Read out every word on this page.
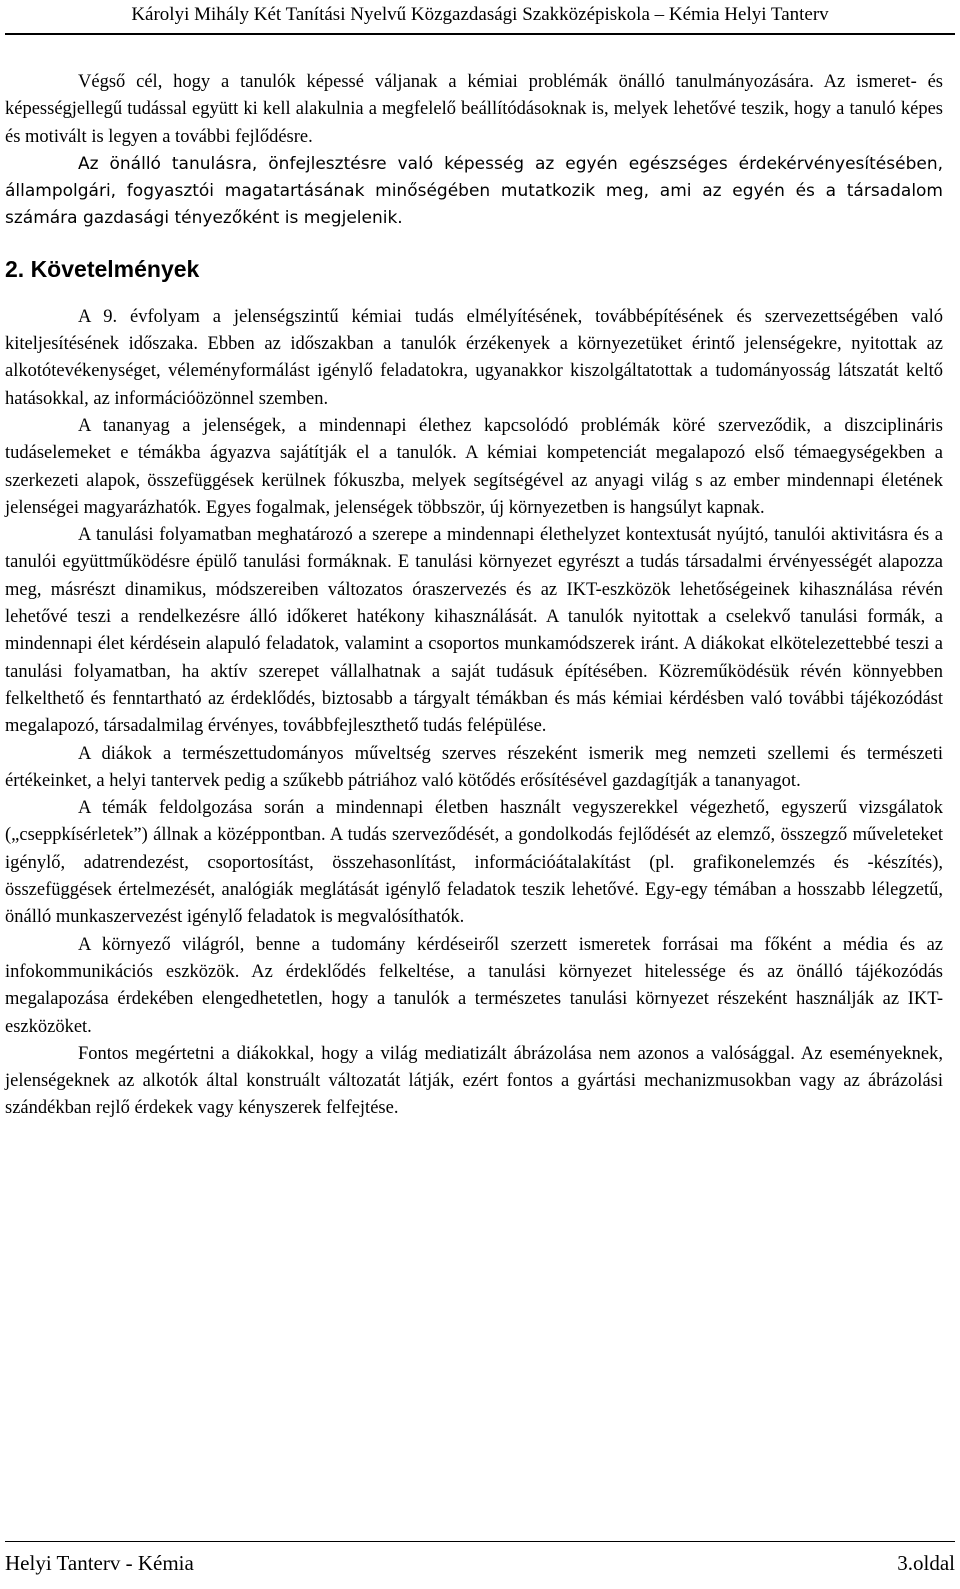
Károlyi Mihály Két Tanítási Nyelvű Közgazdasági Szakközépiskola – Kémia Helyi Tanterv

Végső cél, hogy a tanulók képessé váljanak a kémiai problémák önálló tanulmányozására. Az ismeret- és képességjellegű tudással együtt ki kell alakulnia a megfelelő beállítódásoknak is, melyek lehetővé teszik, hogy a tanuló képes és motivált is legyen a további fejlődésre.

Az önálló tanulásra, önfejlesztésre való képesség az egyén egészséges érdekérvényesítésében, állampolgári, fogyasztói magatartásának minőségében mutatkozik meg, ami az egyén és a társadalom számára gazdasági tényezőként is megjelenik.

2. Követelmények

A 9. évfolyam a jelenségszintű kémiai tudás elmélyítésének, továbbépítésének és szervezettségében való kiteljesítésének időszaka. Ebben az időszakban a tanulók érzékenyek a környezetüket érintő jelenségekre, nyitottak az alkotótevékenységet, véleményformálást igénylő feladatokra, ugyanakkor kiszolgáltatottak a tudományosság látszatát keltő hatásokkal, az információözönnel szemben.

A tananyag a jelenségek, a mindennapi élethez kapcsolódó problémák köré szerveződik, a diszciplináris tudáselemeket e témákba ágyazva sajátítják el a tanulók. A kémiai kompetenciát megalapozó első témaegységekben a szerkezeti alapok, összefüggések kerülnek fókuszba, melyek segítségével az anyagi világ s az ember mindennapi életének jelenségei magyarázhatók. Egyes fogalmak, jelenségek többször, új környezetben is hangsúlyt kapnak.

A tanulási folyamatban meghatározó a szerepe a mindennapi élethelyzet kontextusát nyújtó, tanulói aktivitásra és a tanulói együttműködésre épülő tanulási formáknak. E tanulási környezet egyrészt a tudás társadalmi érvényességét alapozza meg, másrészt dinamikus, módszereiben változatos óraszervezés és az IKT-eszközök lehetőségeinek kihasználása révén lehetővé teszi a rendelkezésre álló időkeret hatékony kihasználását. A tanulók nyitottak a cselekvő tanulási formák, a mindennapi élet kérdésein alapuló feladatok, valamint a csoportos munkamódszerek iránt. A diákokat elkötelezettebbé teszi a tanulási folyamatban, ha aktív szerepet vállalhatnak a saját tudásuk építésében. Közreműködésük révén könnyebben felkelthető és fenntartható az érdeklődés, biztosabb a tárgyalt témákban és más kémiai kérdésben való további tájékozódást megalapozó, társadalmilag érvényes, továbbfejleszthető tudás felépülése.

A diákok a természettudományos műveltség szerves részeként ismerik meg nemzeti szellemi és természeti értékeinket, a helyi tantervek pedig a szűkebb pátriához való kötődés erősítésével gazdagítják a tananyagot.

A témák feldolgozása során a mindennapi életben használt vegyszerekkel végezhető, egyszerű vizsgálatok („cseppkísérletek”) állnak a középpontban. A tudás szerveződését, a gondolkodás fejlődését az elemző, összegző műveleteket igénylő, adatrendezést, csoportosítást, összehasonlítást, információátalakítást (pl. grafikonelemzés és -készítés), összefüggések értelmezését, analógiák meglátását igénylő feladatok teszik lehetővé. Egy-egy témában a hosszabb lélegzetű, önálló munkaszervezést igénylő feladatok is megvalósíthatók.

A környező világról, benne a tudomány kérdéseiről szerzett ismeretek forrásai ma főként a média és az infokommunikációs eszközök. Az érdeklődés felkeltése, a tanulási környezet hitelessége és az önálló tájékozódás megalapozása érdekében elengedhetetlen, hogy a tanulók a természetes tanulási környezet részeként használják az IKT-eszközöket.

Fontos megértetni a diákokkal, hogy a világ mediatizált ábrázolása nem azonos a valósággal. Az eseményeknek, jelenségeknek az alkotók által konstruált változatát látják, ezért fontos a gyártási mechanizmusokban vagy az ábrázolási szándékban rejlő érdekek vagy kényszerek felfejtése.

Helyi Tanterv - Kémia	3.oldal
